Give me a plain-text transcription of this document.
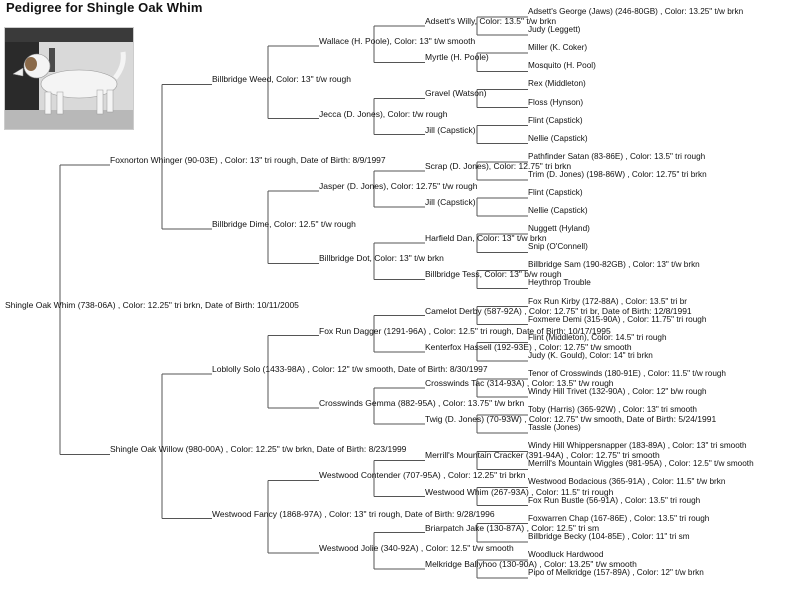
Pedigree for Shingle Oak Whim
Shingle Oak Whim (738-06A) , Color: 12.25" tri brkn, Date of Birth: 10/11/2005
Foxnorton Whinger (90-03E) , Color: 13" tri rough, Date of Birth: 8/9/1997
Billbridge Weed, Color: 13" t/w rough
Wallace (H. Poole), Color: 13" t/w smooth
Adsett's Willy, Color: 13.5" t/w brkn
Adsett's George (Jaws) (246-80GB) , Color: 13.25" t/w brkn
Judy (Leggett)
Myrtle (H. Poole)
Miller (K. Coker)
Mosquito (H. Pool)
Jecca (D. Jones), Color: t/w rough
Gravel (Watson)
Rex (Middleton)
Floss (Hynson)
Jill (Capstick)
Flint (Capstick)
Nellie (Capstick)
Billbridge Dime, Color: 12.5" t/w rough
Jasper (D. Jones), Color: 12.75" t/w rough
Scrap (D. Jones), Color: 12.75" tri brkn
Pathfinder Satan (83-86E) , Color: 13.5" tri rough
Trim (D. Jones) (198-86W) , Color: 12.75" tri brkn
Jill (Capstick)
Flint (Capstick)
Nellie (Capstick)
Billbridge Dot, Color: 13" t/w brkn
Harfield Dan, Color: 13" t/w brkn
Nuggett (Hyland)
Snip (O'Connell)
Billbridge Tess, Color: 13" b/w rough
Billbridge Sam (190-82GB) , Color: 13" t/w brkn
Heythrop Trouble
Shingle Oak Willow (980-00A) , Color: 12.25" t/w brkn, Date of Birth: 8/23/1999
Loblolly Solo (1433-98A) , Color: 12" t/w smooth, Date of Birth: 8/30/1997
Fox Run Dagger (1291-96A) , Color: 12.5" tri rough, Date of Birth: 10/17/1995
Camelot Derby (587-92A) , Color: 12.75" tri br, Date of Birth: 12/8/1991
Fox Run Kirby (172-88A) , Color: 13.5" tri br
Foxmere Demi (315-90A) , Color: 11.75" tri rough
Kenterfox Hassell (192-93E) , Color: 12.75" t/w smooth
Flint (Middleton), Color: 14.5" tri rough
Judy (K. Gould), Color: 14" tri brkn
Crosswinds Gemma (882-95A) , Color: 13.75" t/w brkn
Crosswinds Tac (314-93A) , Color: 13.5" t/w rough
Tenor of Crosswinds (180-91E) , Color: 11.5" t/w rough
Windy Hill Trivet (132-90A) , Color: 12" b/w rough
Twig (D. Jones) (70-93W) , Color: 12.75" t/w smooth, Date of Birth: 5/24/1991
Toby (Harris) (365-92W) , Color: 13" tri smooth
Tassle (Jones)
Westwood Fancy (1868-97A) , Color: 13" tri rough, Date of Birth: 9/28/1996
Westwood Contender (707-95A) , Color: 12.25" tri brkn
Merrill's Mountain Cracker (391-94A) , Color: 12.75" tri smooth
Windy Hill Whippersnapper (183-89A) , Color: 13" tri smooth
Merrill's Mountain Wiggles (981-95A) , Color: 12.5" t/w smooth
Westwood Whim (267-93A) , Color: 11.5" tri rough
Westwood Bodacious (365-91A) , Color: 11.5" t/w brkn
Fox Run Bustle (56-91A) , Color: 13.5" tri rough
Westwood Jolie (340-92A) , Color: 12.5" t/w smooth
Briarpatch Jake (130-87A) , Color: 12.5" tri sm
Foxwarren Chap (167-86E) , Color: 13.5" tri rough
Billbridge Becky (104-85E) , Color: 11" tri sm
Melkridge Ballyhoo (130-90A) , Color: 13.25" t/w smooth
Woodluck Hardwood
Pipo of Melkridge (157-89A) , Color: 12" t/w brkn
